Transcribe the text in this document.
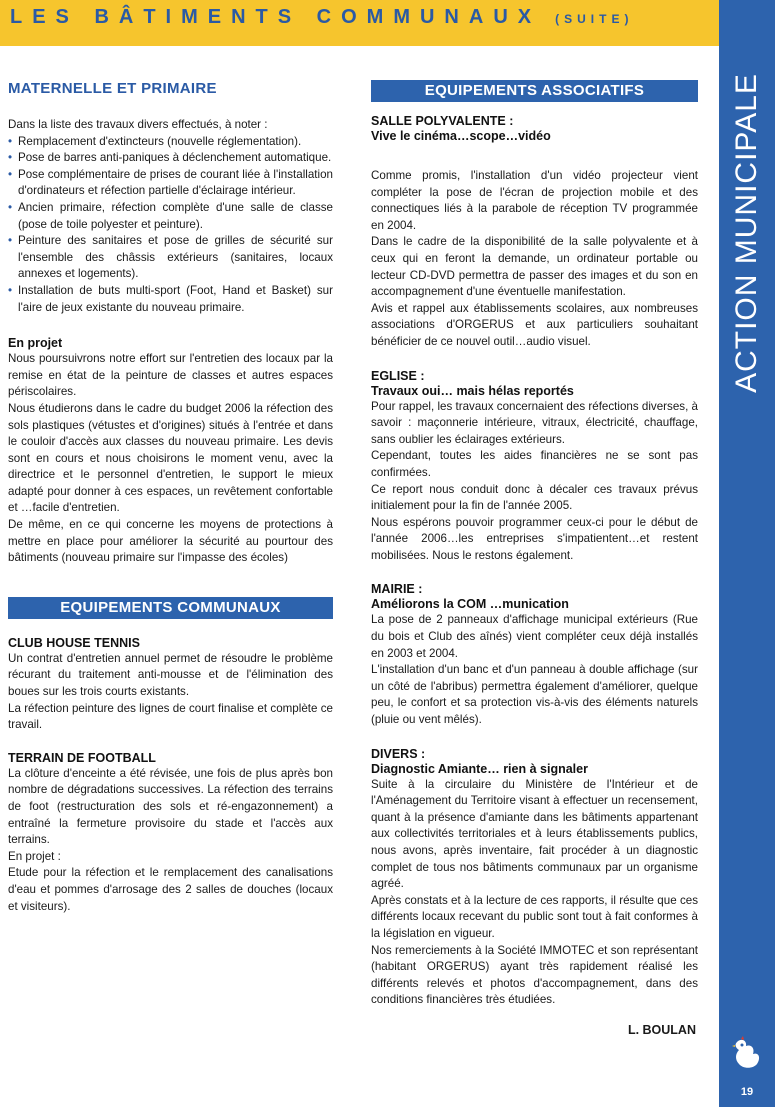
LES BÂTIMENTS COMMUNAUX (SUITE)
ACTION MUNICIPALE
19
MATERNELLE ET PRIMAIRE

Dans la liste des travaux divers effectués, à noter :

• Remplacement d'extincteurs (nouvelle réglementation).
• Pose de barres anti-paniques à déclenchement automatique.
• Pose complémentaire de prises de courant liée à l'installation d'ordinateurs et réfection partielle d'éclairage intérieur.
• Ancien primaire, réfection complète d'une salle de classe (pose de toile polyester et peinture).
• Peinture des sanitaires et pose de grilles de sécurité sur l'ensemble des châssis extérieurs (sanitaires, locaux annexes et logements).
• Installation de buts multi-sport (Foot, Hand et Basket) sur l'aire de jeux existante du nouveau primaire.
En projet

Nous poursuivrons notre effort sur l'entretien des locaux par la remise en état de la peinture de classes et autres espaces périscolaires.

Nous étudierons dans le cadre du budget 2006 la réfection des sols plastiques (vétustes et d'origines) situés à l'entrée et dans le couloir d'accès aux classes du nouveau primaire. Les devis sont en cours et nous choisirons le moment venu, avec la directrice et le personnel d'entretien, le support le mieux adapté pour donner à ces espaces, un revêtement confortable et …facile d'entretien.

De même, en ce qui concerne les moyens de protections à mettre en place pour améliorer la sécurité au pourtour des bâtiments (nouveau primaire sur l'impasse des écoles)

EQUIPEMENTS COMMUNAUX
CLUB HOUSE TENNIS

Un contrat d'entretien annuel permet de résoudre le problème récurant du traitement anti-mousse et de l'élimination des boues sur les trois courts existants.

La réfection peinture des lignes de court finalise et complète ce travail.

TERRAIN DE FOOTBALL

La clôture d'enceinte a été révisée, une fois de plus après bon nombre de dégradations successives. La réfection des terrains de foot (restructuration des sols et ré-engazonnement) a entraîné la fermeture provisoire du stade et l'accès aux terrains.

En projet :

Etude pour la réfection et le remplacement des canalisations d'eau et pommes d'arrosage des 2 salles de douches (locaux et visiteurs).

EQUIPEMENTS ASSOCIATIFS
SALLE POLYVALENTE :
Vive le cinéma…scope…vidéo

Comme promis, l'installation d'un vidéo projecteur vient compléter la pose de l'écran de projection mobile et des connectiques liés à la parabole de réception TV programmée en 2004.

Dans le cadre de la disponibilité de la salle polyvalente et à ceux qui en feront la demande, un ordinateur portable ou lecteur CD-DVD permettra de passer des images et du son en accompagnement d'une éventuelle manifestation.

Avis et rappel aux établissements scolaires, aux nombreuses associations d'ORGERUS et aux particuliers souhaitant bénéficier de ce nouvel outil…audio visuel.

EGLISE :
Travaux oui… mais hélas reportés

Pour rappel, les travaux concernaient des réfections diverses, à savoir : maçonnerie intérieure, vitraux, électricité, chauffage, sans oublier les éclairages extérieurs.

Cependant, toutes les aides financières ne se sont pas confirmées.

Ce report nous conduit donc à décaler ces travaux prévus initialement pour la fin de l'année 2005.

Nous espérons pouvoir programmer ceux-ci pour le début de l'année 2006…les entreprises s'impatientent…et restent mobilisées. Nous le restons également.

MAIRIE :
Améliorons la COM …munication

La pose de 2 panneaux d'affichage municipal extérieurs (Rue du bois et Club des aînés) vient compléter ceux déjà installés en 2003 et 2004.

L'installation d'un banc et d'un panneau à double affichage (sur un côté de l'abribus) permettra également d'améliorer, quelque peu, le confort et sa protection vis-à-vis des éléments naturels (pluie ou vent mêlés).

DIVERS :
Diagnostic Amiante… rien à signaler

Suite à la circulaire du Ministère de l'Intérieur et de l'Aménagement du Territoire visant à effectuer un recensement, quant à la présence d'amiante dans les bâtiments appartenant aux collectivités territoriales et à leurs établissements publics, nous avons, après inventaire, fait procéder à un diagnostic complet de tous nos bâtiments communaux par un organisme agréé.

Après constats et à la lecture de ces rapports, il résulte que ces différents locaux recevant du public sont tout à fait conformes à la législation en vigueur.

Nos remerciements à la Société IMMOTEC et son représentant (habitant ORGERUS) ayant très rapidement réalisé les différents relevés et photos d'accompagnement, dans des conditions financières très étudiées.

L. BOULAN
